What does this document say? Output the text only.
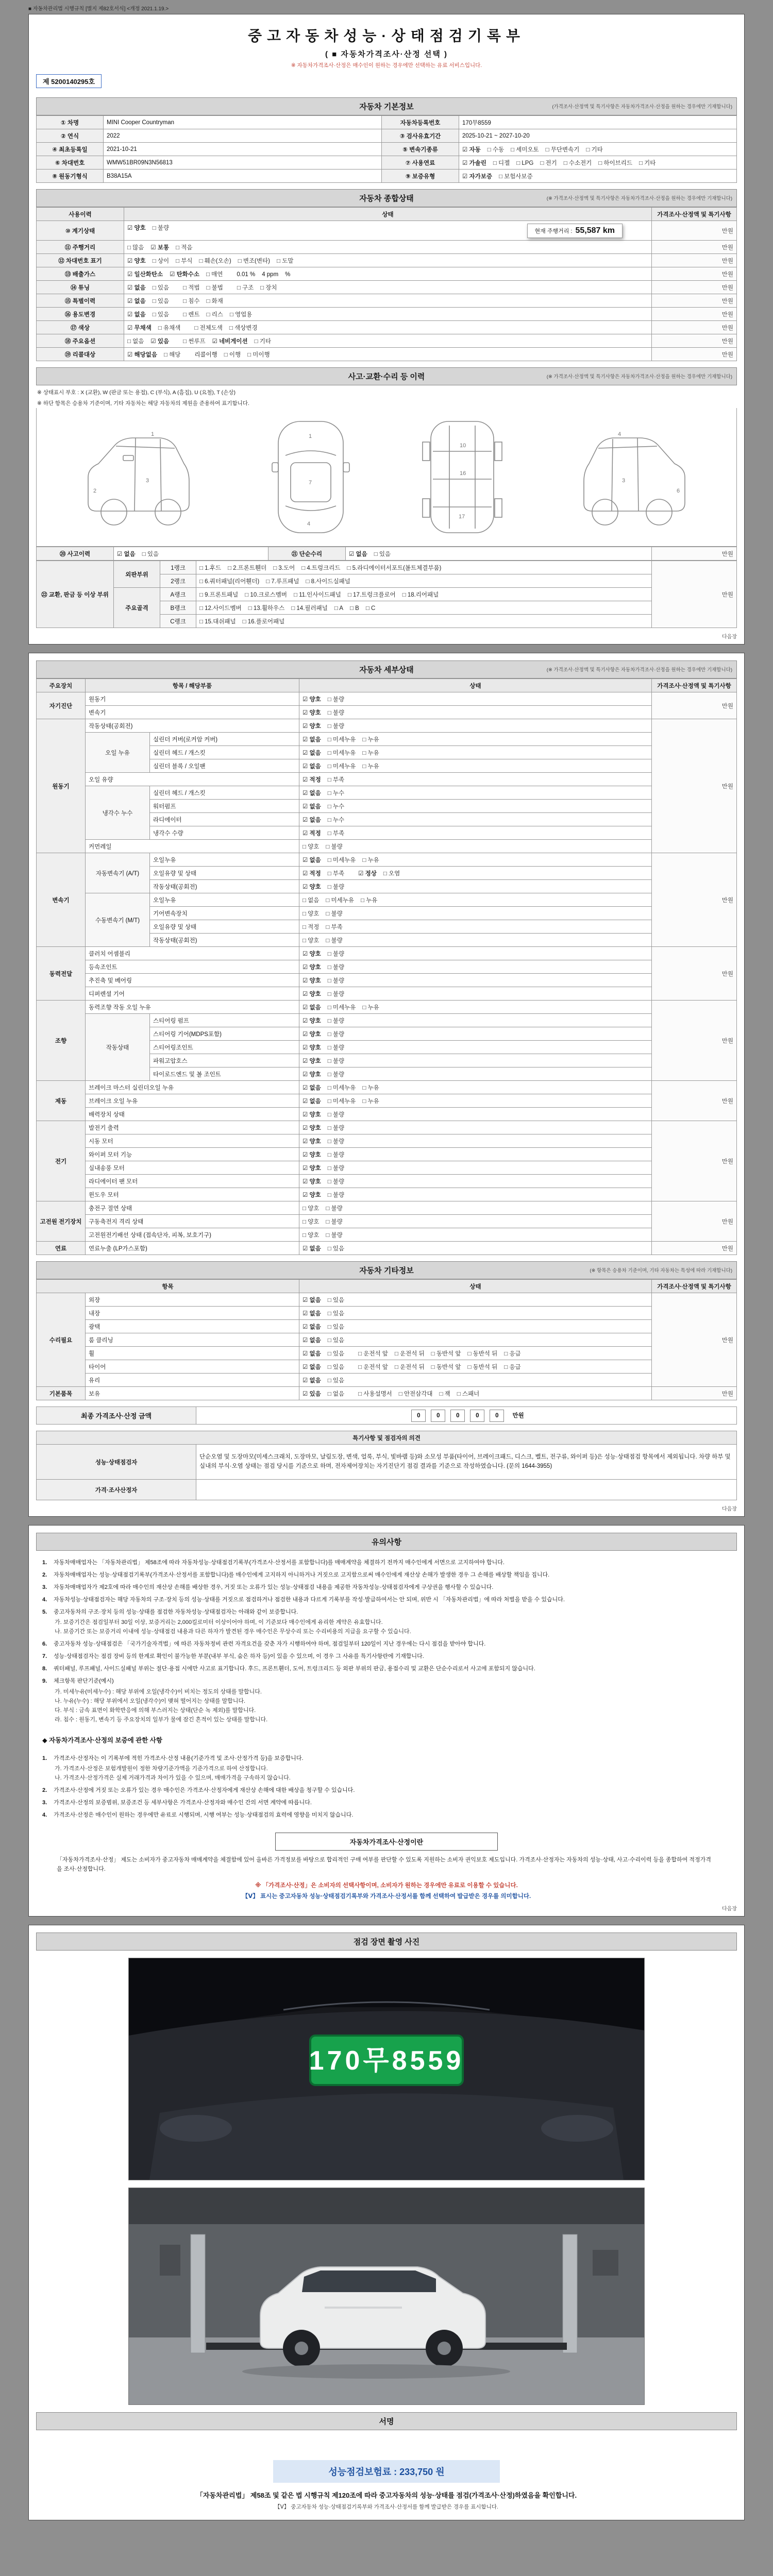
■ 자동차관리법 시행규칙 [별지 제82호서식] <개정 2021.1.19.>
중고자동차성능·상태점검기록부
( ■ 자동차가격조사·산정 선택 )
※ 자동차가격조사·산정은 매수인이 원하는 경우에만 선택하는 유료 서비스입니다.
제 5200140295호
자동차 기본정보	(가격조사·산정액 및 특기사항은 자동차가격조사·산정을 원하는 경우에만 기재합니다)
① 차명	MINI Cooper Countryman	자동차등록번호	170무8559
② 연식	2022	③ 검사유효기간	2025-10-21 ~ 2027-10-20
④ 최초등록일	2021-10-21	⑤ 변속기종류	☑ 자동 □ 수동 □ 세미오토 □ 무단변속기 □ 기타
⑥ 차대번호	WMW51BR09N3N56813	⑦ 사용연료	☑ 가솔린 □ 디젤 □ LPG □ 전기 □ 수소전기 □ 하이브리드 □ 기타
⑧ 원동기형식	B38A15A	⑨ 보증유형	☑ 자가보증 □ 보험사보증
자동차 종합상태	(※ 가격조사·산정액 및 특기사항은 자동차가격조사·산정을 원하는 경우에만 기재합니다)
사용이력	상태	가격조사·산정액 및 특기사항
⑩ 계기상태	☑ 양호 □ 불량 현재 주행거리 : 55,587 km	만원
⑪ 주행거리	□ 많음 ☑ 보통 □ 적음	만원
⑫ 차대번호 표기	☑ 양호 □ 상이 □ 부식 □ 훼손(오손) □ 변조(변타) □ 도말	만원
⑬ 배출가스	☑ 일산화탄소 ☑ 탄화수소 □ 매연 0.01 % 4 ppm %	만원
⑭ 튜닝	☑ 없음 □ 있음 □ 적법 □ 불법 □ 구조 □ 장치	만원
⑮ 특별이력	☑ 없음 □ 있음 □ 침수 □ 화재	만원
⑯ 용도변경	☑ 없음 □ 있음 □ 렌트 □ 리스 □ 영업용	만원
⑰ 색상	☑ 무채색 □ 유채색 □ 전체도색 □ 색상변경	만원
⑱ 주요옵션	□ 없음 ☑ 있음 □ 썬루프 ☑ 네비게이션 □ 기타	만원
⑲ 리콜대상	☑ 해당없음 □ 해당 리콜이행 □ 이행 □ 미이행	만원
사고·교환·수리 등 이력	(※ 가격조사·산정액 및 특기사항은 자동차가격조사·산정을 원하는 경우에만 기재합니다)
※ 상태표시 부호 : X (교환), W (판금 또는 용접), C (부식), A (흠집), U (요철), T (손상)
※ 하단 항목은 승용차 기준이며, 기타 자동차는 해당 자동차의 제원을 준용하여 표기합니다.
1
2
3
1
7
4
10
16
17
4
6
3
⑳ 사고이력	☑ 없음 □ 있음	㉑ 단순수리	☑ 없음 □ 있음	만원
㉒ 교환, 판금 등 이상 부위	외판부위	1랭크	□ 1.후드 □ 2.프론트휀더 □ 3.도어 □ 4.트렁크리드 □ 5.라디에이터서포트(볼트체결부품)	만원
		2랭크	□ 6.쿼터패널(리어휀더) □ 7.루프패널 □ 8.사이드실패널	
	주요골격	A랭크	□ 9.프론트패널 □ 10.크로스멤버 □ 11.인사이드패널 □ 17.트렁크플로어 □ 18.리어패널	
		B랭크	□ 12.사이드멤버 □ 13.휠하우스 □ 14.필러패널 □ A □ B □ C	
		C랭크	□ 15.대쉬패널 □ 16.플로어패널	
다음장
자동차 세부상태	(※ 가격조사·산정액 및 특기사항은 자동차가격조사·산정을 원하는 경우에만 기재합니다)
주요장치	항목 / 해당부품		상태	가격조사·산정액 및 특기사항
자기진단	원동기		☑ 양호 □ 불량	만원
	변속기		☑ 양호 □ 불량	
원동기	작동상태(공회전)		☑ 양호 □ 불량	만원
	오일 누유	실린더 커버(로커암 커버)	☑ 없음 □ 미세누유 □ 누유	
		실린더 헤드 / 개스킷	☑ 없음 □ 미세누유 □ 누유	
		실린더 블록 / 오일팬	☑ 없음 □ 미세누유 □ 누유	
	오일 유량		☑ 적정 □ 부족	
	냉각수 누수	실린더 헤드 / 개스킷	☑ 없음 □ 누수	
		워터펌프	☑ 없음 □ 누수	
		라디에이터	☑ 없음 □ 누수	
		냉각수 수량	☑ 적정 □ 부족	
	커먼레일		□ 양호 □ 불량	
변속기	자동변속기 (A/T)	오일누유	☑ 없음 □ 미세누유 □ 누유	만원
		오일유량 및 상태	☑ 적정 □ 부족 ☑ 정상 □ 오염	
		작동상태(공회전)	☑ 양호 □ 불량	
	수동변속기 (M/T)	오일누유	□ 없음 □ 미세누유 □ 누유	
		기어변속장치	□ 양호 □ 불량	
		오일유량 및 상태	□ 적정 □ 부족	
		작동상태(공회전)	□ 양호 □ 불량	
동력전달	클러치 어셈블리		☑ 양호 □ 불량	만원
	등속조인트		☑ 양호 □ 불량	
	추진축 및 베어링		☑ 양호 □ 불량	
	디퍼렌셜 기어		☑ 양호 □ 불량	
조향	동력조향 작동 오일 누유		☑ 없음 □ 미세누유 □ 누유	만원
	작동상태	스티어링 펌프	☑ 양호 □ 불량	
		스티어링 기어(MDPS포함)	☑ 양호 □ 불량	
		스티어링조인트	☑ 양호 □ 불량	
		파워고압호스	☑ 양호 □ 불량	
		타이로드엔드 및 볼 조인트	☑ 양호 □ 불량	
제동	브레이크 마스터 실린더오일 누유		☑ 없음 □ 미세누유 □ 누유	만원
	브레이크 오일 누유		☑ 없음 □ 미세누유 □ 누유	
	배력장치 상태		☑ 양호 □ 불량	
전기	발전기 출력		☑ 양호 □ 불량	만원
	시동 모터		☑ 양호 □ 불량	
	와이퍼 모터 기능		☑ 양호 □ 불량	
	실내송풍 모터		☑ 양호 □ 불량	
	라디에이터 팬 모터		☑ 양호 □ 불량	
	윈도우 모터		☑ 양호 □ 불량	
고전원 전기장치	충전구 절연 상태		□ 양호 □ 불량	만원
	구동축전지 격리 상태		□ 양호 □ 불량	
	고전원전기배선 상태 (접속단자, 피복, 보호기구)		□ 양호 □ 불량	
연료	연료누출 (LP가스포함)		☑ 없음 □ 있음	만원
자동차 기타정보	(※ 항목은 승용차 기준이며, 기타 자동차는 특성에 따라 기재합니다)
항목		상태	가격조사·산정액 및 특기사항
수리필요	외장	☑ 없음 □ 있음	만원
	내장	☑ 없음 □ 있음	
	광택	☑ 없음 □ 있음	
	룸 클리닝	☑ 없음 □ 있음	
	휠	☑ 없음 □ 있음 □ 운전석 앞 □ 운전석 뒤 □ 동반석 앞 □ 동반석 뒤 □ 응급	
	타이어	☑ 없음 □ 있음 □ 운전석 앞 □ 운전석 뒤 □ 동반석 앞 □ 동반석 뒤 □ 응급	
	유리	☑ 없음 □ 있음	
기본품목	보유	☑ 있음 □ 없음 □ 사용설명서 □ 안전삼각대 □ 잭 □ 스패너	만원
최종 가격조사·산정 금액	0	0	0	0	0 만원
특기사항 및 점검자의 의견	
성능·상태점검자	단순오염 및 도장마모(미세스크래치, 도장마모, 날림도장, 변색, 얼룩, 부식, 빛바램 등)와 소모성 부품(타이어, 브레이크패드, 디스크, 벨트, 전구류, 와이퍼 등)은 성능·상태점검 항목에서 제외됩니다. 차량 하부 및 실내의 부식·오염 상태는 점검 당시를 기준으로 하며, 전자제어장치는 자기진단기 점검 결과를 기준으로 작성하였습니다. (문의 1644-3955)
가격·조사산정자	
다음장
유의사항
1.	자동차매매업자는 「자동차관리법」 제58조에 따라 자동차성능·상태점검기록부(가격조사·산정서를 포함합니다)를 매매계약을 체결하기 전까지 매수인에게 서면으로 고지하여야 합니다.
2.	자동차매매업자는 성능·상태점검기록부(가격조사·산정서를 포함합니다)를 매수인에게 고지하지 아니하거나 거짓으로 고지함으로써 매수인에게 재산상 손해가 발생한 경우 그 손해를 배상할 책임을 집니다.
3.	자동차매매업자가 제2호에 따라 매수인의 재산상 손해를 배상한 경우, 거짓 또는 오류가 있는 성능·상태점검 내용을 제공한 자동차성능·상태점검자에게 구상권을 행사할 수 있습니다.
4.	자동차성능·상태점검자는 해당 자동차의 구조·장치 등의 성능·상태를 거짓으로 점검하거나 점검한 내용과 다르게 기록부를 작성·발급하여서는 안 되며, 위반 시 「자동차관리법」에 따라 처벌을 받을 수 있습니다.
5.	중고자동차의 구조·장치 등의 성능·상태를 점검한 자동차성능·상태점검자는 아래와 같이 보증합니다.
가. 보증기간은 점검일부터 30일 이상, 보증거리는 2,000킬로미터 이상이어야 하며, 이 기준보다 매수인에게 유리한 계약은 유효합니다.
나. 보증기간 또는 보증거리 이내에 성능·상태점검 내용과 다른 하자가 발견된 경우 매수인은 무상수리 또는 수리비용의 지급을 요구할 수 있습니다.
6.	중고자동차 성능·상태점검은 「국가기술자격법」에 따른 자동차정비 관련 자격요건을 갖춘 자가 시행하여야 하며, 점검일부터 120일이 지난 경우에는 다시 점검을 받아야 합니다.
7.	성능·상태점검자는 점검 장비 등의 한계로 확인이 불가능한 부분(내부 부식, 숨은 하자 등)이 있을 수 있으며, 이 경우 그 사유를 특기사항란에 기재합니다.
8.	쿼터패널, 루프패널, 사이드실패널 부위는 절단·용접 시에만 사고로 표기합니다. 후드, 프론트휀더, 도어, 트렁크리드 등 외판 부위의 판금, 용접수리 및 교환은 단순수리로서 사고에 포함되지 않습니다.
9.	체크항목 판단기준(예시)
가. 미세누유(미세누수) : 해당 부위에 오일(냉각수)이 비치는 정도의 상태를 말합니다.
나. 누유(누수) : 해당 부위에서 오일(냉각수)이 맺혀 떨어지는 상태를 말합니다.
다. 부식 : 금속 표면이 화학반응에 의해 부스러지는 상태(단순 녹 제외)를 말합니다.
라. 침수 : 원동기, 변속기 등 주요장치의 일부가 물에 잠긴 흔적이 있는 상태를 말합니다.
◆ 자동차가격조사·산정의 보증에 관한 사항
1.	가격조사·산정자는 이 기록부에 적힌 가격조사·산정 내용(기준가격 및 조사·산정가격 등)을 보증합니다.
가. 가격조사·산정은 보험개발원이 정한 차량기준가액을 기준가격으로 하여 산정합니다.
나. 가격조사·산정가격은 실제 거래가격과 차이가 있을 수 있으며, 매매가격을 구속하지 않습니다.
2.	가격조사·산정에 거짓 또는 오류가 있는 경우 매수인은 가격조사·산정자에게 재산상 손해에 대한 배상을 청구할 수 있습니다.
3.	가격조사·산정의 보증범위, 보증조건 등 세부사항은 가격조사·산정자와 매수인 간의 서면 계약에 따릅니다.
4.	가격조사·산정은 매수인이 원하는 경우에만 유료로 시행되며, 시행 여부는 성능·상태점검의 효력에 영향을 미치지 않습니다.
자동차가격조사·산정이란
「자동차가격조사·산정」 제도는 소비자가 중고자동차 매매계약을 체결함에 있어 올바른 가격정보를 바탕으로 합리적인 구매 여부를 판단할 수 있도록 지원하는 소비자 권익보호 제도입니다. 가격조사·산정자는 자동차의 성능·상태, 사고·수리이력 등을 종합하여 적정가격을 조사·산정합니다.
※ 「가격조사·산정」은 소비자의 선택사항이며, 소비자가 원하는 경우에만 유료로 이용할 수 있습니다.
【Ⅴ】 표시는 중고자동차 성능·상태점검기록부와 가격조사·산정서를 함께 선택하여 발급받은 경우를 의미합니다.
다음장
점검 장면 촬영 사진
170무8559
서명
성능점검보험료 : 233,750 원
「자동차관리법」 제58조 및 같은 법 시행규칙 제120조에 따라 중고자동차의 성능·상태를 점검(가격조사·산정)하였음을 확인합니다.
【Ⅴ】 중고자동차 성능·상태점검기록부와 가격조사·산정서를 함께 발급받은 경우를 표시합니다.
